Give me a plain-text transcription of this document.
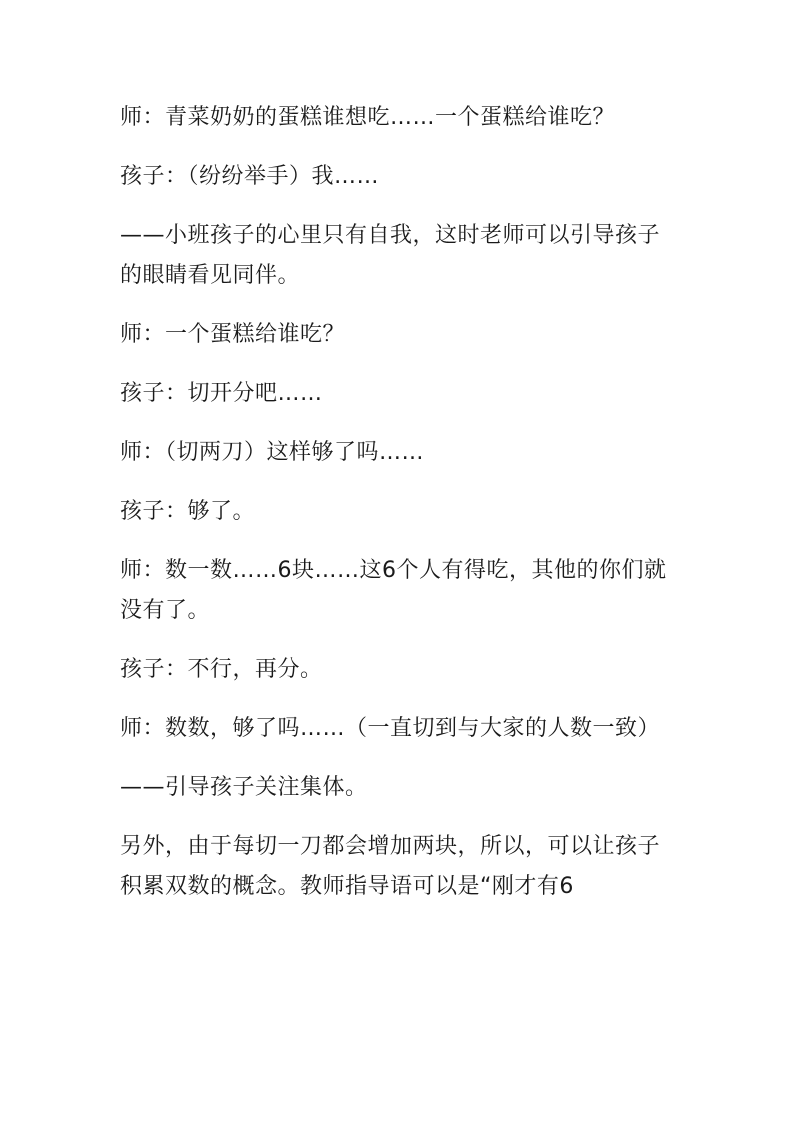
师：青菜奶奶的蛋糕谁想吃……一个蛋糕给谁吃？

孩子：（纷纷举手）我……

——小班孩子的心里只有自我，这时老师可以引导孩子的眼睛看见同伴。

师：一个蛋糕给谁吃？

孩子：切开分吧……

师：（切两刀）这样够了吗……

孩子：够了。

师：数一数……6块……这6个人有得吃，其他的你们就没有了。

孩子：不行，再分。

师：数数，够了吗……（一直切到与大家的人数一致）

——引导孩子关注集体。

另外，由于每切一刀都会增加两块，所以，可以让孩子积累双数的概念。教师指导语可以是“刚才有6
